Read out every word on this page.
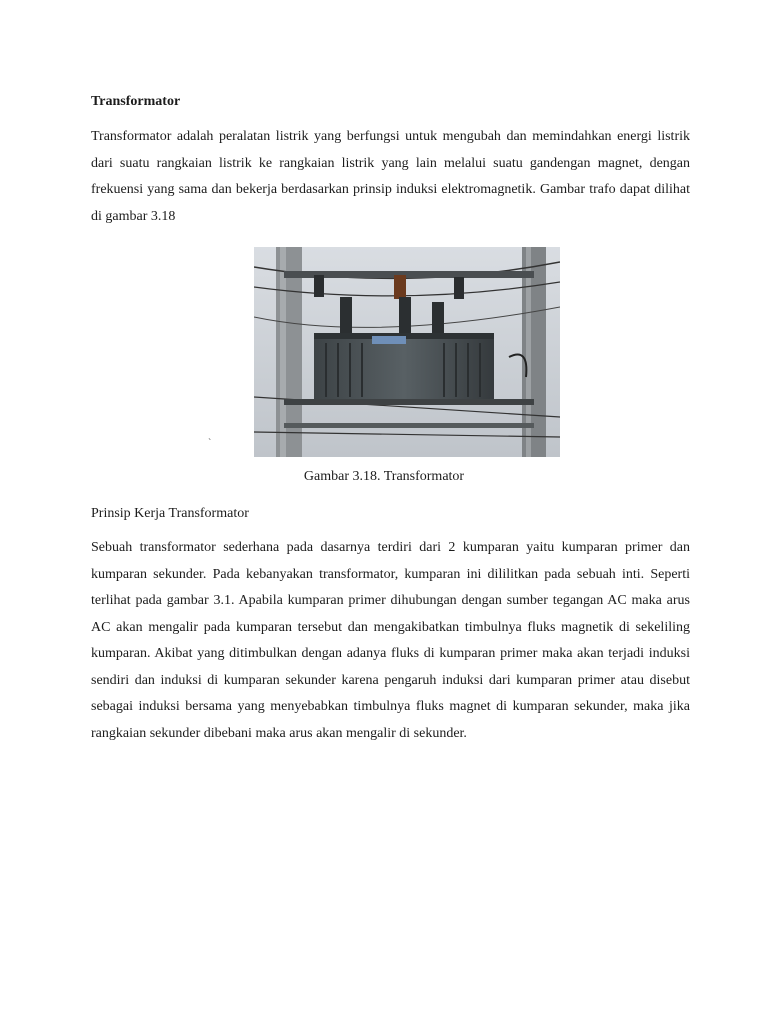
Transformator

Transformator adalah peralatan listrik yang berfungsi untuk mengubah dan memindahkan energi listrik dari suatu rangkaian listrik ke rangkaian listrik yang lain melalui suatu gandengan magnet, dengan frekuensi yang sama dan bekerja berdasarkan prinsip induksi elektromagnetik. Gambar trafo dapat dilihat di gambar 3.18

`
Gambar 3.18. Transformator
Prinsip Kerja Transformator

Sebuah transformator sederhana pada dasarnya terdiri dari 2 kumparan yaitu kumparan primer dan kumparan sekunder. Pada kebanyakan transformator, kumparan ini dililitkan pada sebuah inti. Seperti terlihat pada gambar 3.1. Apabila kumparan primer dihubungan dengan sumber tegangan AC maka arus AC akan mengalir pada kumparan tersebut dan mengakibatkan timbulnya fluks magnetik di sekeliling kumparan. Akibat yang ditimbulkan dengan adanya fluks di kumparan primer maka akan terjadi induksi sendiri dan induksi di kumparan sekunder karena pengaruh induksi dari kumparan primer atau disebut sebagai induksi bersama yang menyebabkan timbulnya fluks magnet di kumparan sekunder, maka jika rangkaian sekunder dibebani maka arus akan mengalir di sekunder.
